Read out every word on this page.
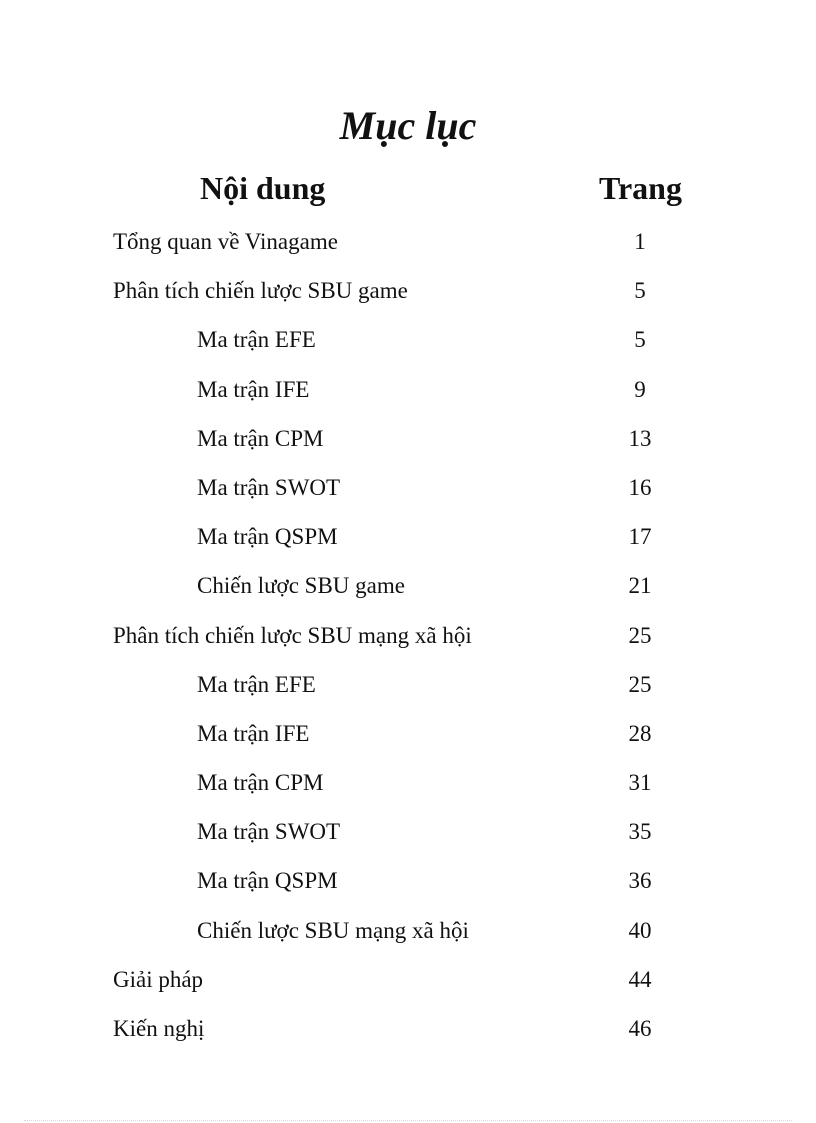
Mục lục
Nội dung	Trang
Tổng quan về Vinagame	1
Phân tích chiến lược SBU game	5
Ma trận EFE	5
Ma trận IFE	9
Ma trận CPM	13
Ma trận SWOT	16
Ma trận QSPM	17
Chiến lược SBU game	21
Phân tích chiến lược SBU mạng xã hội	25
Ma trận EFE	25
Ma trận IFE	28
Ma trận CPM	31
Ma trận SWOT	35
Ma trận QSPM	36
Chiến lược SBU mạng xã hội	40
Giải pháp	44
Kiến nghị	46
